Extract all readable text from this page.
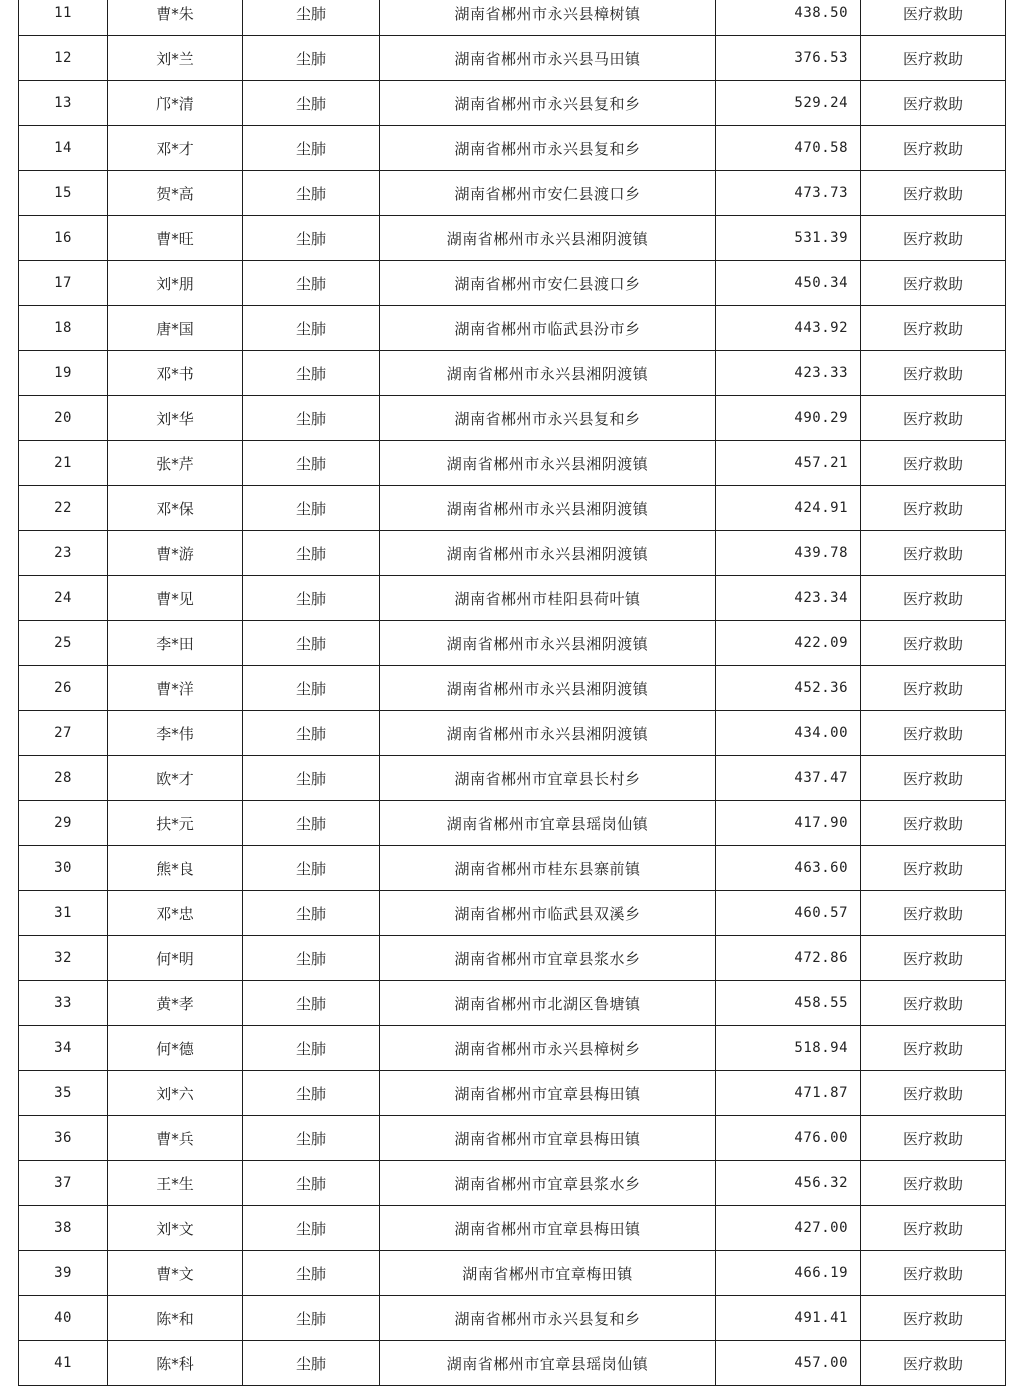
11	曹*朱	尘肺	湖南省郴州市永兴县樟树镇	438.50	医疗救助
12	刘*兰	尘肺	湖南省郴州市永兴县马田镇	376.53	医疗救助
13	邝*清	尘肺	湖南省郴州市永兴县复和乡	529.24	医疗救助
14	邓*才	尘肺	湖南省郴州市永兴县复和乡	470.58	医疗救助
15	贺*高	尘肺	湖南省郴州市安仁县渡口乡	473.73	医疗救助
16	曹*旺	尘肺	湖南省郴州市永兴县湘阴渡镇	531.39	医疗救助
17	刘*朋	尘肺	湖南省郴州市安仁县渡口乡	450.34	医疗救助
18	唐*国	尘肺	湖南省郴州市临武县汾市乡	443.92	医疗救助
19	邓*书	尘肺	湖南省郴州市永兴县湘阴渡镇	423.33	医疗救助
20	刘*华	尘肺	湖南省郴州市永兴县复和乡	490.29	医疗救助
21	张*芹	尘肺	湖南省郴州市永兴县湘阴渡镇	457.21	医疗救助
22	邓*保	尘肺	湖南省郴州市永兴县湘阴渡镇	424.91	医疗救助
23	曹*游	尘肺	湖南省郴州市永兴县湘阴渡镇	439.78	医疗救助
24	曹*见	尘肺	湖南省郴州市桂阳县荷叶镇	423.34	医疗救助
25	李*田	尘肺	湖南省郴州市永兴县湘阴渡镇	422.09	医疗救助
26	曹*洋	尘肺	湖南省郴州市永兴县湘阴渡镇	452.36	医疗救助
27	李*伟	尘肺	湖南省郴州市永兴县湘阴渡镇	434.00	医疗救助
28	欧*才	尘肺	湖南省郴州市宜章县长村乡	437.47	医疗救助
29	扶*元	尘肺	湖南省郴州市宜章县瑶岗仙镇	417.90	医疗救助
30	熊*良	尘肺	湖南省郴州市桂东县寨前镇	463.60	医疗救助
31	邓*忠	尘肺	湖南省郴州市临武县双溪乡	460.57	医疗救助
32	何*明	尘肺	湖南省郴州市宜章县浆水乡	472.86	医疗救助
33	黄*孝	尘肺	湖南省郴州市北湖区鲁塘镇	458.55	医疗救助
34	何*德	尘肺	湖南省郴州市永兴县樟树乡	518.94	医疗救助
35	刘*六	尘肺	湖南省郴州市宜章县梅田镇	471.87	医疗救助
36	曹*兵	尘肺	湖南省郴州市宜章县梅田镇	476.00	医疗救助
37	王*生	尘肺	湖南省郴州市宜章县浆水乡	456.32	医疗救助
38	刘*文	尘肺	湖南省郴州市宜章县梅田镇	427.00	医疗救助
39	曹*文	尘肺	湖南省郴州市宜章梅田镇	466.19	医疗救助
40	陈*和	尘肺	湖南省郴州市永兴县复和乡	491.41	医疗救助
41	陈*科	尘肺	湖南省郴州市宜章县瑶岗仙镇	457.00	医疗救助
